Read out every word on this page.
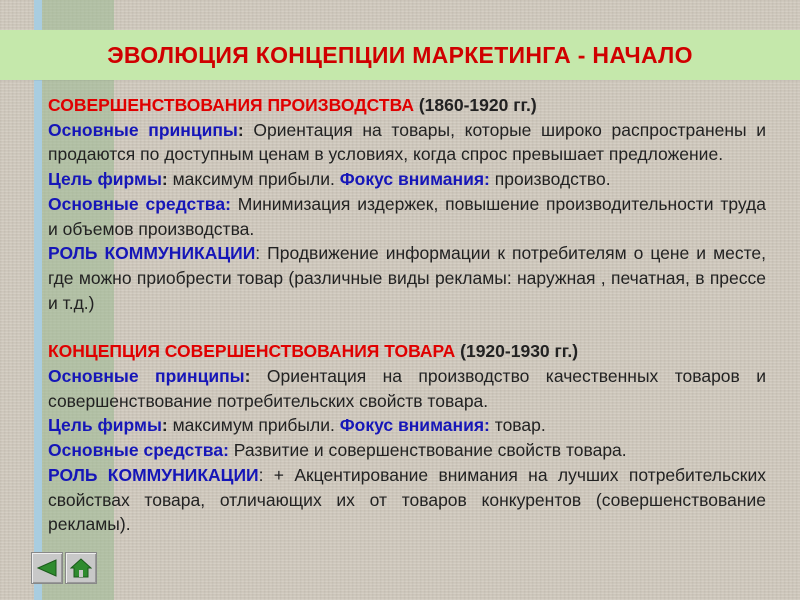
ЭВОЛЮЦИЯ КОНЦЕПЦИИ МАРКЕТИНГА - НАЧАЛО

СОВЕРШЕНСТВОВАНИЯ ПРОИЗВОДСТВА (1860-1920 гг.)

Основные принципы: Ориентация на товары, которые широко распространены и продаются по доступным ценам в условиях, когда спрос превышает предложение.

Цель фирмы: максимум прибыли. Фокус внимания: производство.

Основные средства: Минимизация издержек, повышение производительности труда и объемов производства.

РОЛЬ КОММУНИКАЦИИ: Продвижение информации к потребителям о цене и месте, где можно приобрести товар (различные виды рекламы: наружная , печатная, в прессе и т.д.)

КОНЦЕПЦИЯ СОВЕРШЕНСТВОВАНИЯ ТОВАРА (1920-1930 гг.)

Основные принципы: Ориентация на производство качественных товаров и совершенствование потребительских свойств товара.

Цель фирмы: максимум прибыли. Фокус внимания: товар.

Основные средства: Развитие и совершенствование свойств товара.

РОЛЬ КОММУНИКАЦИИ: + Акцентирование внимания на лучших потребительских свойствах товара, отличающих их от товаров конкурентов (совершенствование рекламы).
